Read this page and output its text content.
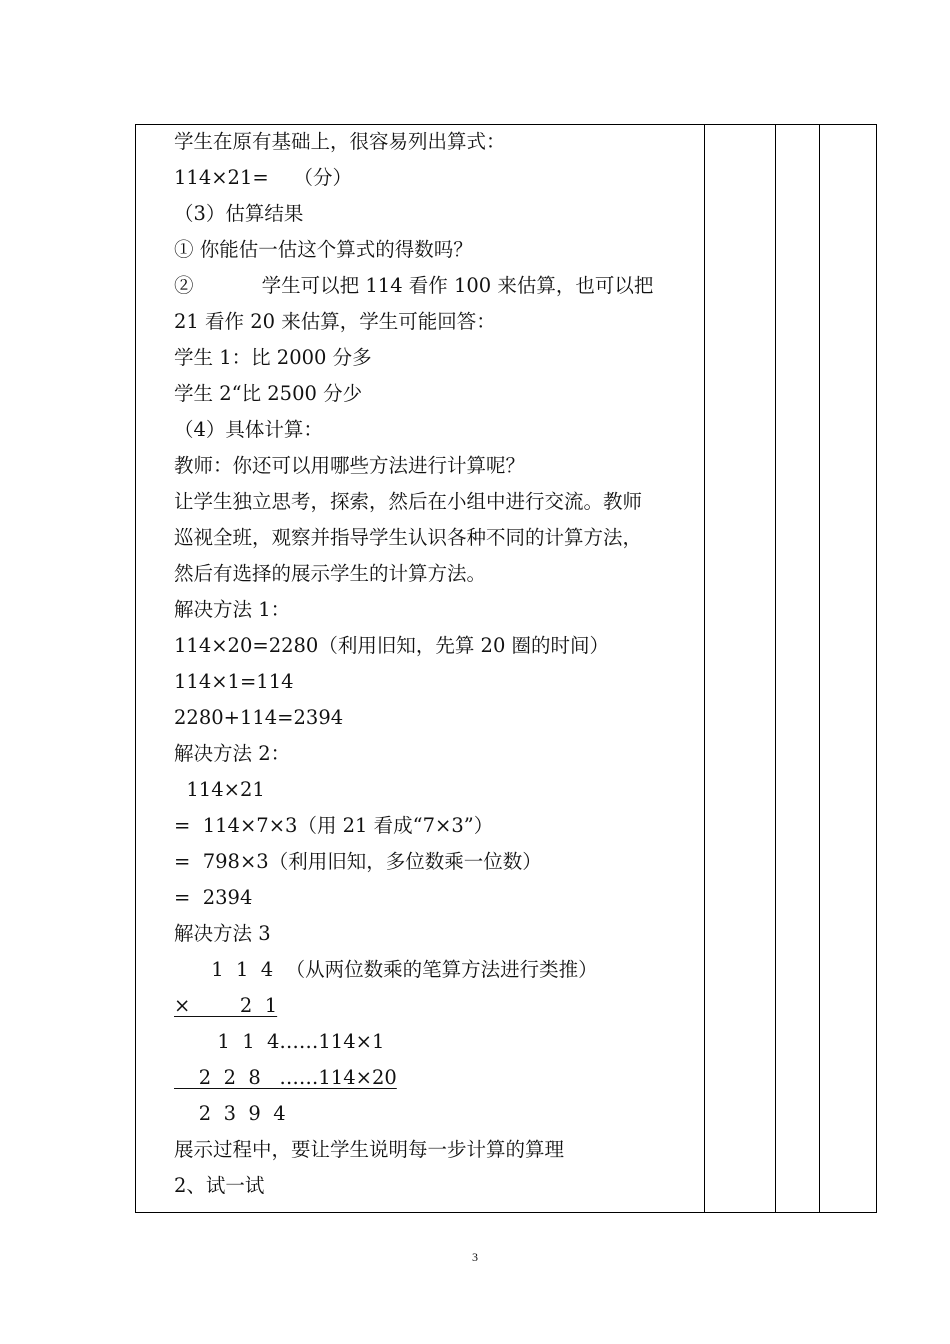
学生在原有基础上，很容易列出算式：
114×21=    （分）
（3）估算结果
① 你能估一估这个算式的得数吗？
②           学生可以把 114 看作 100 来估算，也可以把
21 看作 20 来估算，学生可能回答：
学生 1：比 2000 分多
学生 2“比 2500 分少
（4）具体计算：
教师：你还可以用哪些方法进行计算呢？
让学生独立思考，探索，然后在小组中进行交流。教师
巡视全班，观察并指导学生认识各种不同的计算方法，
然后有选择的展示学生的计算方法。
解决方法 1：
114×20=2280（利用旧知，先算 20 圈的时间）
114×1=114
2280+114=2394
解决方法 2：
114×21
=  114×7×3（用 21 看成“7×3”）
=  798×3（利用旧知，多位数乘一位数）
=  2394
解决方法 3
1  1  4  （从两位数乘的笔算方法进行类推）
×        2  1
1  1  4……114×1
2  2  8   ……114×20
2  3  9  4
展示过程中，要让学生说明每一步计算的算理
2、试一试
3
